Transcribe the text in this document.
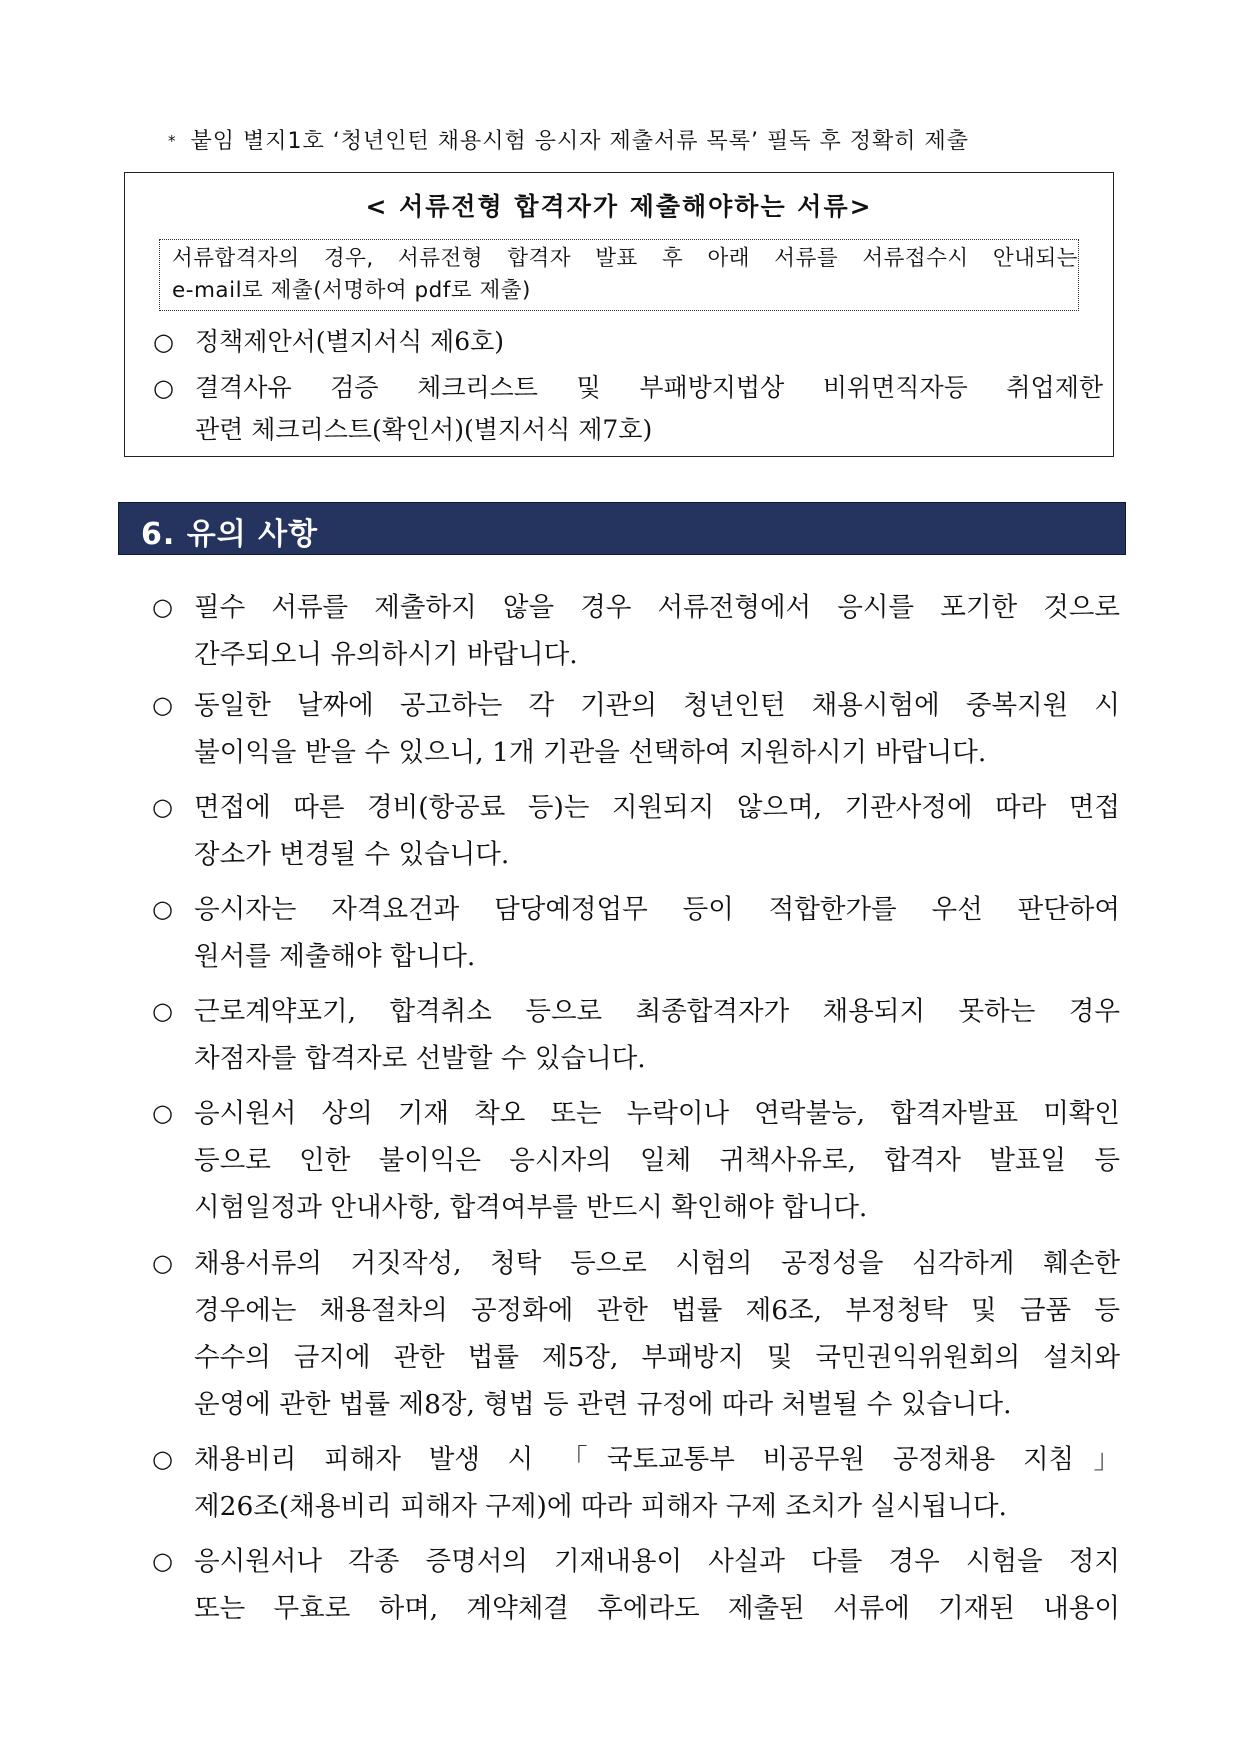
* 붙임 별지1호 ‘청년인턴 채용시험 응시자 제출서류 목록’ 필독 후 정확히 제출
< 서류전형 합격자가 제출해야하는 서류>
서류합격자의 경우, 서류전형 합격자 발표 후 아래 서류를 서류접수시 안내되는
e-mail로 제출(서명하여 pdf로 제출)
○ 정책제안서(별지서식 제6호)
○ 결격사유 검증 체크리스트 및 부패방지법상 비위면직자등 취업제한
관련 체크리스트(확인서)(별지서식 제7호)
6. 유의 사항
○ 필수 서류를 제출하지 않을 경우 서류전형에서 응시를 포기한 것으로
간주되오니 유의하시기 바랍니다.
○ 동일한 날짜에 공고하는 각 기관의 청년인턴 채용시험에 중복지원 시
불이익을 받을 수 있으니, 1개 기관을 선택하여 지원하시기 바랍니다.
○ 면접에 따른 경비(항공료 등)는 지원되지 않으며, 기관사정에 따라 면접
장소가 변경될 수 있습니다.
○ 응시자는 자격요건과 담당예정업무 등이 적합한가를 우선 판단하여
원서를 제출해야 합니다.
○ 근로계약포기, 합격취소 등으로 최종합격자가 채용되지 못하는 경우
차점자를 합격자로 선발할 수 있습니다.
○ 응시원서 상의 기재 착오 또는 누락이나 연락불능, 합격자발표 미확인
등으로 인한 불이익은 응시자의 일체 귀책사유로, 합격자 발표일 등
시험일정과 안내사항, 합격여부를 반드시 확인해야 합니다.
○ 채용서류의 거짓작성, 청탁 등으로 시험의 공정성을 심각하게 훼손한
경우에는 채용절차의 공정화에 관한 법률 제6조, 부정청탁 및 금품 등
수수의 금지에 관한 법률 제5장, 부패방지 및 국민권익위원회의 설치와
운영에 관한 법률 제8장, 형법 등 관련 규정에 따라 처벌될 수 있습니다.
○ 채용비리 피해자 발생 시 「국토교통부 비공무원 공정채용 지침」
제26조(채용비리 피해자 구제)에 따라 피해자 구제 조치가 실시됩니다.
○ 응시원서나 각종 증명서의 기재내용이 사실과 다를 경우 시험을 정지
또는 무효로 하며, 계약체결 후에라도 제출된 서류에 기재된 내용이
